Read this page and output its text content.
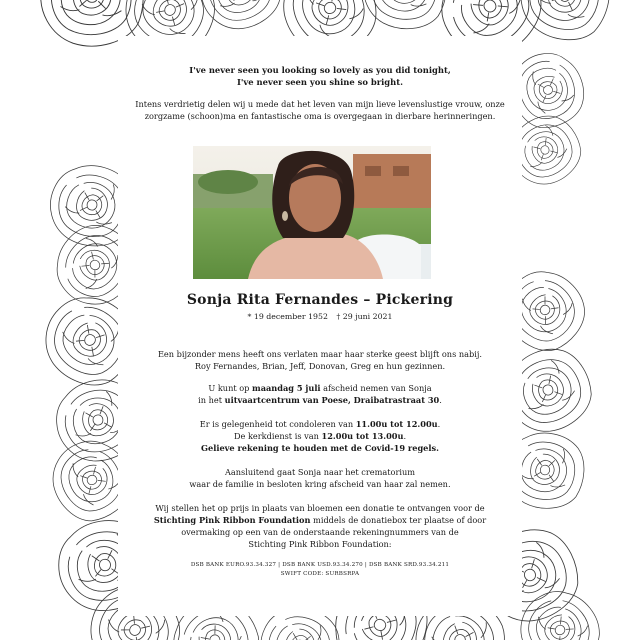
I've never seen you looking so lovely as you did tonight,
I've never seen you shine so bright.
Intens verdrietig delen wij u mede dat het leven van mijn lieve levenslustige vrouw, onze zorgzame (schoon)ma en fantastische oma is overgegaan in dierbare herinneringen.
Sonja Rita Fernandes – Pickering
* 19 december 1952 † 29 juni 2021
Een bijzonder mens heeft ons verlaten maar haar sterke geest blijft ons nabij.
Roy Fernandes, Brian, Jeff, Donovan, Greg en hun gezinnen.
U kunt op maandag 5 juli afscheid nemen van Sonja
in het uitvaartcentrum van Poese, Draibatrastraat 30.
Er is gelegenheid tot condoleren van 11.00u tot 12.00u.
De kerkdienst is van 12.00u tot 13.00u.
Gelieve rekening te houden met de Covid-19 regels.
Aansluitend gaat Sonja naar het crematorium
waar de familie in besloten kring afscheid van haar zal nemen.
Wij stellen het op prijs in plaats van bloemen een donatie te ontvangen voor de
Stichting Pink Ribbon Foundation middels de donatiebox ter plaatse of door
overmaking op een van de onderstaande rekeningnummers van de
Stichting Pink Ribbon Foundation:
DSB BANK EURO.93.34.327 | DSB BANK USD.93.34.270 | DSB BANK SRD.93.34.211
SWIFT CODE: SURBSRPA
